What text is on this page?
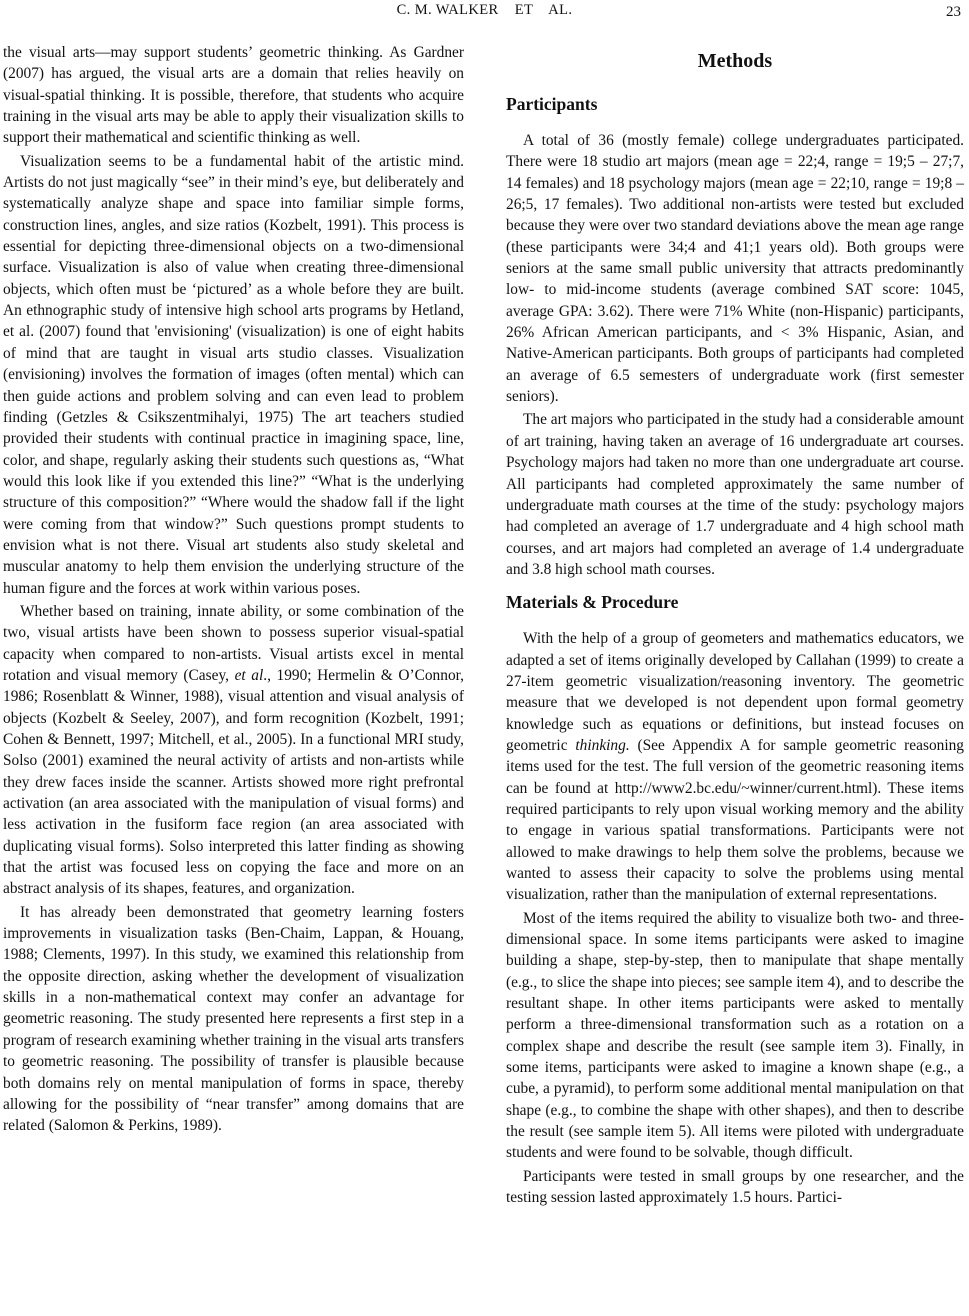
C. M. WALKER    ET    AL.	23

the visual arts—may support students’ geometric thinking. As Gardner (2007) has argued, the visual arts are a domain that relies heavily on visual-spatial thinking. It is possible, therefore, that students who acquire training in the visual arts may be able to apply their visualization skills to support their mathematical and scientific thinking as well.

Visualization seems to be a fundamental habit of the artistic mind. Artists do not just magically “see” in their mind’s eye, but deliberately and systematically analyze shape and space into familiar simple forms, construction lines, angles, and size ratios (Kozbelt, 1991). This process is essential for depicting three-dimensional objects on a two-dimensional surface. Visualization is also of value when creating three-dimensional objects, which often must be ‘pictured’ as a whole before they are built. An ethnographic study of intensive high school arts programs by Hetland, et al. (2007) found that 'envisioning' (visualization) is one of eight habits of mind that are taught in visual arts studio classes. Visualization (envisioning) involves the formation of images (often mental) which can then guide actions and problem solving and can even lead to problem finding (Getzles & Csikszentmihalyi, 1975) The art teachers studied provided their students with continual practice in imagining space, line, color, and shape, regularly asking their students such questions as, “What would this look like if you extended this line?” “What is the underlying structure of this composition?” “Where would the shadow fall if the light were coming from that window?” Such questions prompt students to envision what is not there. Visual art students also study skeletal and muscular anatomy to help them envision the underlying structure of the human figure and the forces at work within various poses.

Whether based on training, innate ability, or some combination of the two, visual artists have been shown to possess superior visual-spatial capacity when compared to non-artists. Visual artists excel in mental rotation and visual memory (Casey, et al., 1990; Hermelin & O’Connor, 1986; Rosenblatt & Winner, 1988), visual attention and visual analysis of objects (Kozbelt & Seeley, 2007), and form recognition (Kozbelt, 1991; Cohen & Bennett, 1997; Mitchell, et al., 2005). In a functional MRI study, Solso (2001) examined the neural activity of artists and non-artists while they drew faces inside the scanner. Artists showed more right prefrontal activation (an area associated with the manipulation of visual forms) and less activation in the fusiform face region (an area associated with duplicating visual forms). Solso interpreted this latter finding as showing that the artist was focused less on copying the face and more on an abstract analysis of its shapes, features, and organization.

It has already been demonstrated that geometry learning fosters improvements in visualization tasks (Ben-Chaim, Lappan, & Houang, 1988; Clements, 1997). In this study, we examined this relationship from the opposite direction, asking whether the development of visualization skills in a non-mathematical context may confer an advantage for geometric reasoning. The study presented here represents a first step in a program of research examining whether training in the visual arts transfers to geometric reasoning. The possibility of transfer is plausible because both domains rely on mental manipulation of forms in space, thereby allowing for the possibility of “near transfer” among domains that are related (Salomon & Perkins, 1989).

Methods
Participants

A total of 36 (mostly female) college undergraduates participated. There were 18 studio art majors (mean age = 22;4, range = 19;5 – 27;7, 14 females) and 18 psychology majors (mean age = 22;10, range = 19;8 – 26;5, 17 females). Two additional non-artists were tested but excluded because they were over two standard deviations above the mean age range (these participants were 34;4 and 41;1 years old). Both groups were seniors at the same small public university that attracts predominantly low- to mid-income students (average combined SAT score: 1045, average GPA: 3.62). There were 71% White (non-Hispanic) participants, 26% African American participants, and < 3% Hispanic, Asian, and Native-American participants. Both groups of participants had completed an average of 6.5 semesters of undergraduate work (first semester seniors).

The art majors who participated in the study had a considerable amount of art training, having taken an average of 16 undergraduate art courses. Psychology majors had taken no more than one undergraduate art course. All participants had completed approximately the same number of undergraduate math courses at the time of the study: psychology majors had completed an average of 1.7 undergraduate and 4 high school math courses, and art majors had completed an average of 1.4 undergraduate and 3.8 high school math courses.

Materials & Procedure

With the help of a group of geometers and mathematics educators, we adapted a set of items originally developed by Callahan (1999) to create a 27-item geometric visualization/reasoning inventory. The geometric measure that we developed is not dependent upon formal geometry knowledge such as equations or definitions, but instead focuses on geometric thinking. (See Appendix A for sample geometric reasoning items used for the test. The full version of the geometric reasoning items can be found at http://www2.bc.edu/~winner/current.html). These items required participants to rely upon visual working memory and the ability to engage in various spatial transformations. Participants were not allowed to make drawings to help them solve the problems, because we wanted to assess their capacity to solve the problems using mental visualization, rather than the manipulation of external representations.

Most of the items required the ability to visualize both two- and three-dimensional space. In some items participants were asked to imagine building a shape, step-by-step, then to manipulate that shape mentally (e.g., to slice the shape into pieces; see sample item 4), and to describe the resultant shape. In other items participants were asked to mentally perform a three-dimensional transformation such as a rotation on a complex shape and describe the result (see sample item 3). Finally, in some items, participants were asked to imagine a known shape (e.g., a cube, a pyramid), to perform some additional mental manipulation on that shape (e.g., to combine the shape with other shapes), and then to describe the result (see sample item 5). All items were piloted with undergraduate students and were found to be solvable, though difficult.

Participants were tested in small groups by one researcher, and the testing session lasted approximately 1.5 hours. Partici-
